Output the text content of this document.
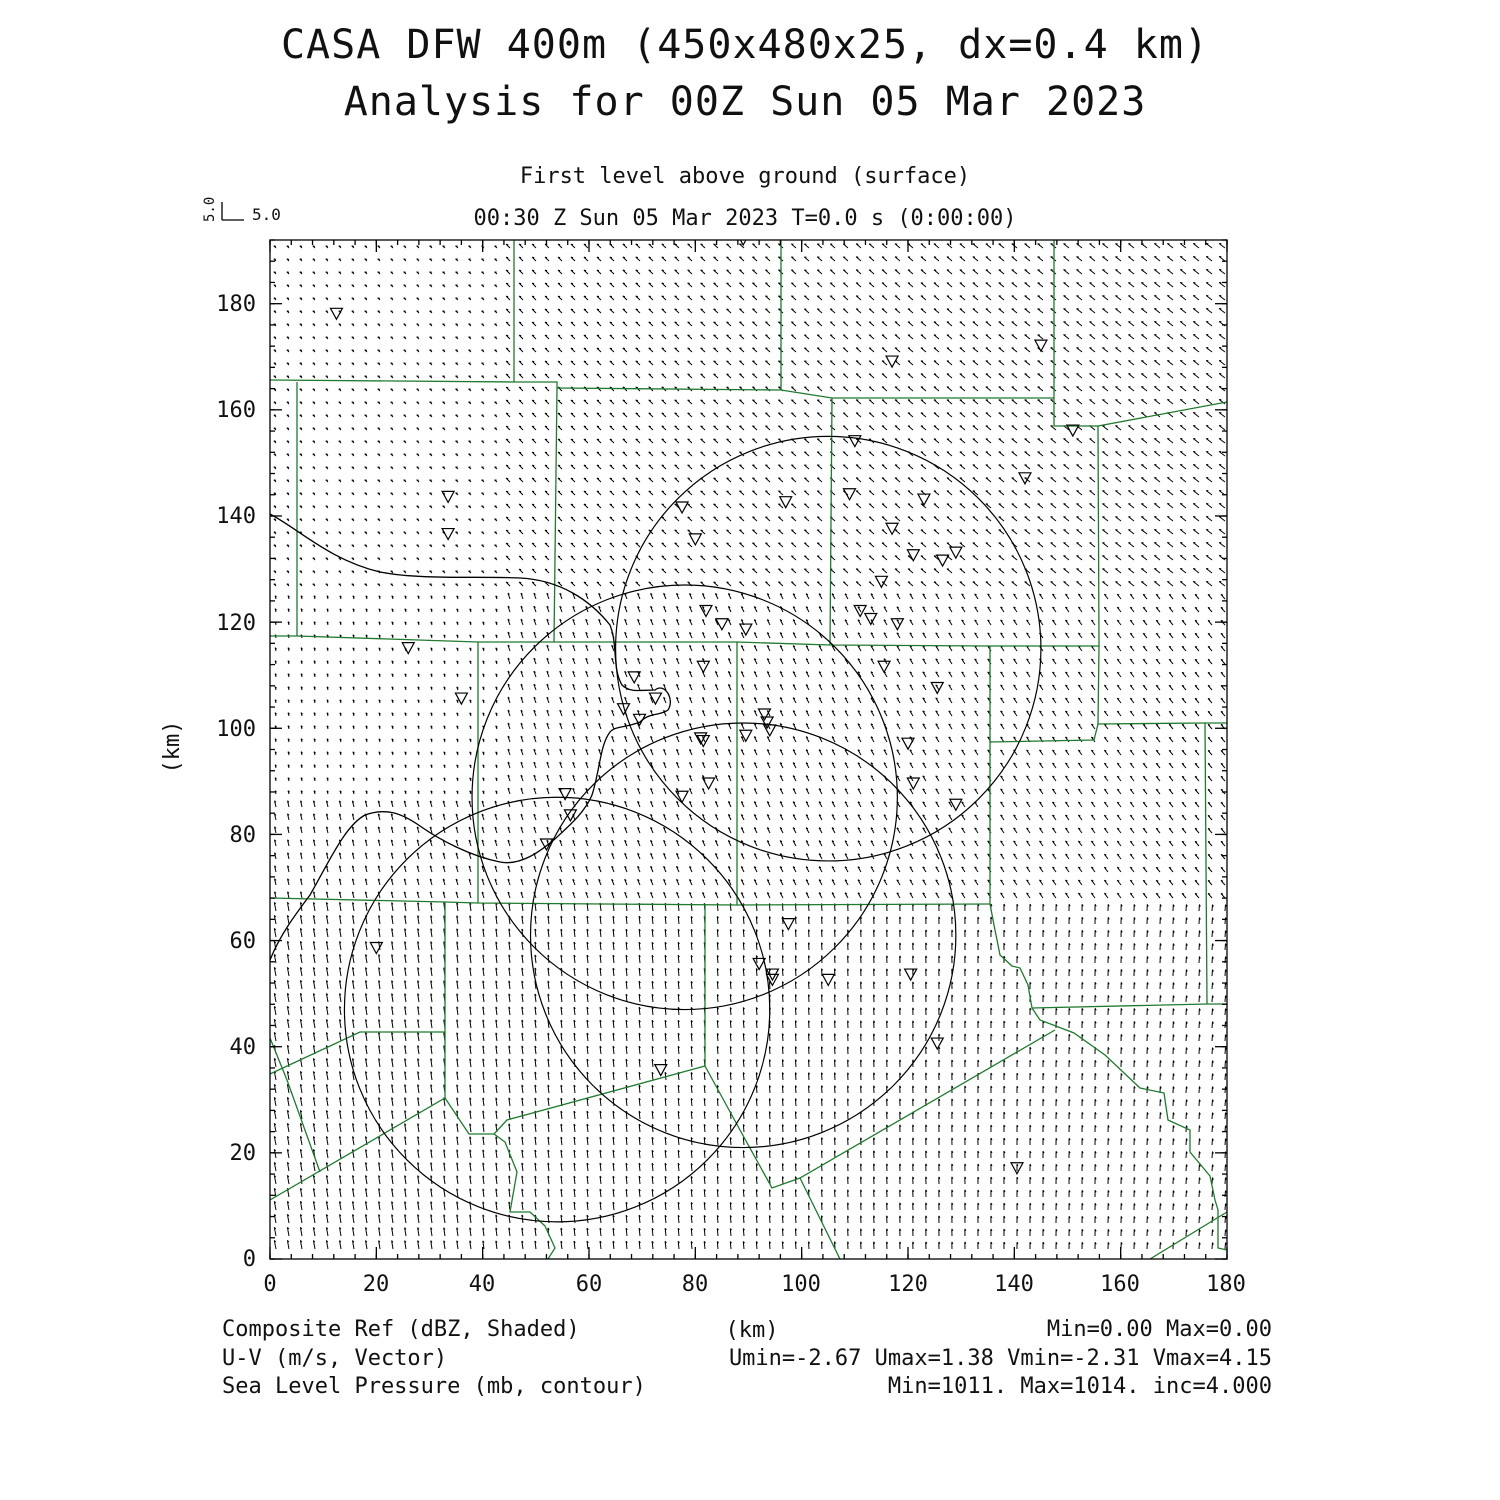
CASA DFW 400m (450x480x25, dx=0.4 km)
Analysis for 00Z Sun 05 Mar 2023
First level above ground (surface)
00:30 Z Sun 05 Mar 2023 T=0.0 s (0:00:00)
5.0 5.0
0	20	40	60	80	100	120	140	160	180
(km)
0
20
40
60
80
100
120
140
160
180
(km)
Composite Ref (dBZ, Shaded)
U-V (m/s, Vector)
Sea Level Pressure (mb, contour)
Min=0.00 Max=0.00
Umin=-2.67 Umax=1.38 Vmin=-2.31 Vmax=4.15
Min=1011. Max=1014. inc=4.000
